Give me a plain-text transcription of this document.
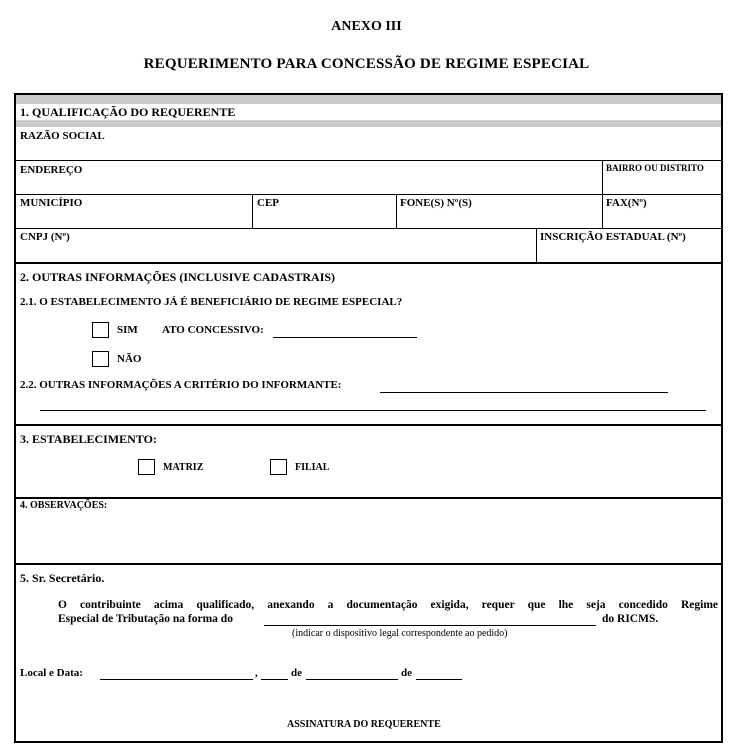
ANEXO III
REQUERIMENTO PARA CONCESSÃO DE REGIME ESPECIAL
1. QUALIFICAÇÃO DO REQUERENTE
RAZÃO SOCIAL
ENDEREÇO	BAIRRO OU DISTRITO
MUNICÍPIO	CEP	FONE(S) Nº(S)	FAX(Nº)
CNPJ (Nº)	INSCRIÇÃO ESTADUAL (Nº)
2. OUTRAS INFORMAÇÕES (INCLUSIVE CADASTRAIS)
2.1. O ESTABELECIMENTO JÁ É BENEFICIÁRIO DE REGIME ESPECIAL?
SIM ATO CONCESSIVO:
NÃO
2.2. OUTRAS INFORMAÇÕES A CRITÉRIO DO INFORMANTE:
3. ESTABELECIMENTO:
MATRIZ	FILIAL
4. OBSERVAÇÕES:
5. Sr. Secretário.
O contribuinte acima qualificado, anexando a documentação exigida, requer que lhe seja concedido Regime
Especial de Tributação na forma do	do RICMS.
(indicar o dispositivo legal correspondente ao pedido)
Local e Data:	,	de	de
ASSINATURA DO REQUERENTE
